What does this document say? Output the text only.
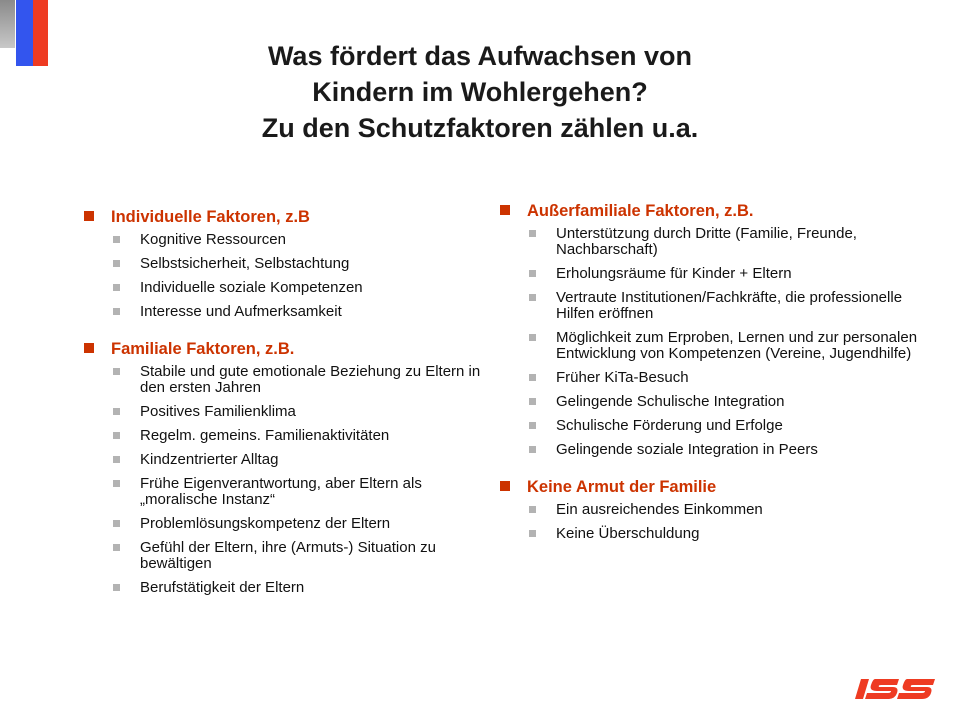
Was fördert das Aufwachsen von
Kindern im Wohlergehen?
Zu den Schutzfaktoren zählen u.a.
Individuelle Faktoren, z.B
Kognitive Ressourcen
Selbstsicherheit, Selbstachtung
Individuelle soziale Kompetenzen
Interesse und Aufmerksamkeit
Familiale Faktoren, z.B.
Stabile und gute emotionale Beziehung zu Eltern in den ersten Jahren
Positives Familienklima
Regelm. gemeins. Familienaktivitäten
Kindzentrierter Alltag
Frühe Eigenverantwortung, aber Eltern als „moralische Instanz“
Problemlösungskompetenz der Eltern
Gefühl der Eltern, ihre (Armuts-) Situation zu bewältigen
Berufstätigkeit der Eltern
Außerfamiliale Faktoren, z.B.
Unterstützung durch Dritte (Familie, Freunde, Nachbarschaft)
Erholungsräume für Kinder + Eltern
Vertraute Institutionen/Fachkräfte, die professionelle Hilfen eröffnen
Möglichkeit zum Erproben, Lernen und zur personalen Entwicklung von Kompetenzen (Vereine, Jugendhilfe)
Früher KiTa-Besuch
Gelingende Schulische Integration
Schulische Förderung und Erfolge
Gelingende soziale Integration in Peers
Keine Armut der Familie
Ein ausreichendes Einkommen
Keine Überschuldung
